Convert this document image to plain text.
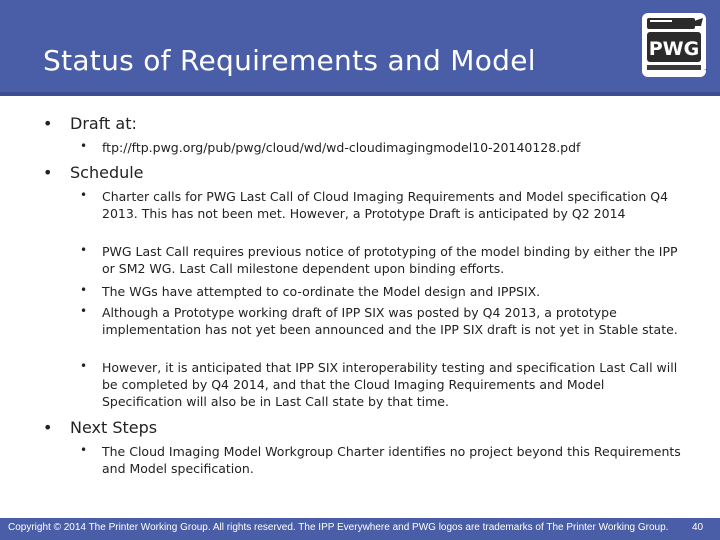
Status of Requirements and Model	PWG
™
• Draft at:
• ftp://ftp.pwg.org/pub/pwg/cloud/wd/wd-cloudimagingmodel10-20140128.pdf
• Schedule
• Charter calls for PWG Last Call of Cloud Imaging Requirements and Model specification Q4 2013. This has not been met. However, a Prototype Draft is anticipated by Q2 2014
• PWG Last Call requires previous notice of prototyping of the model binding by either the IPP or SM2 WG. Last Call milestone dependent upon binding efforts.
• The WGs have attempted to co-ordinate the Model design and IPPSIX.
• Although a Prototype working draft of IPP SIX was posted by Q4 2013, a prototype implementation has not yet been announced and the IPP SIX draft is not yet in Stable state.
• However, it is anticipated that IPP SIX interoperability testing and specification Last Call will be completed by Q4 2014, and that the Cloud Imaging Requirements and Model Specification will also be in Last Call state by that time.
• Next Steps
• The Cloud Imaging Model Workgroup Charter identifies no project beyond this Requirements and Model specification.
Copyright © 2014 The Printer Working Group. All rights reserved. The IPP Everywhere and PWG logos are trademarks of The Printer Working Group. 40
